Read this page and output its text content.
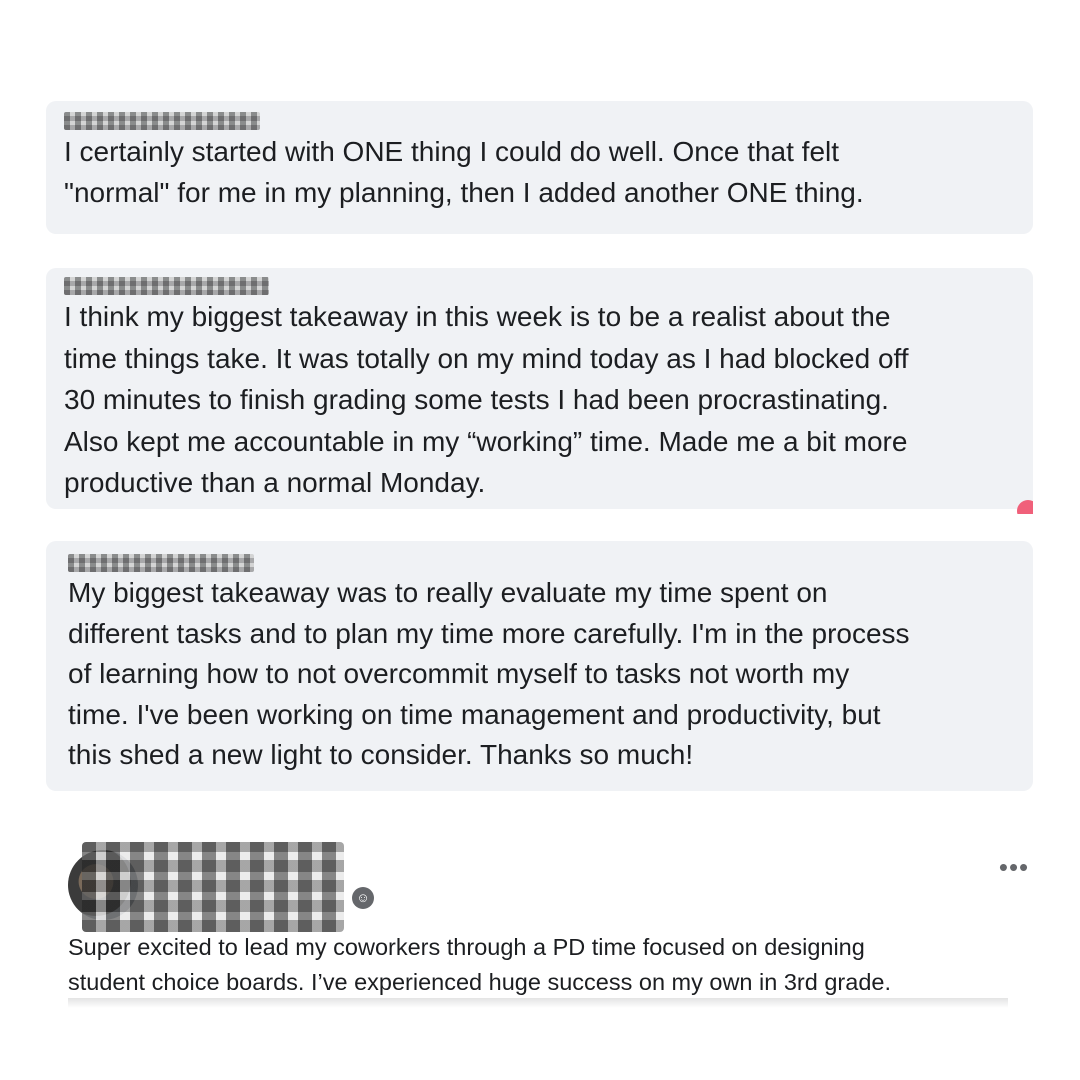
I certainly started with ONE thing I could do well. Once that felt
"normal" for me in my planning, then I added another ONE thing.

I think my biggest takeaway in this week is to be a realist about the
time things take. It was totally on my mind today as I had blocked off
30 minutes to finish grading some tests I had been procrastinating.
Also kept me accountable in my “working” time. Made me a bit more
productive than a normal Monday.

My biggest takeaway was to really evaluate my time spent on
different tasks and to plan my time more carefully. I'm in the process
of learning how to not overcommit myself to tasks not worth my
time. I've been working on time management and productivity, but
this shed a new light to consider. Thanks so much!

☺
•••

Super excited to lead my coworkers through a PD time focused on designing
student choice boards. I’ve experienced huge success on my own in 3rd grade.
